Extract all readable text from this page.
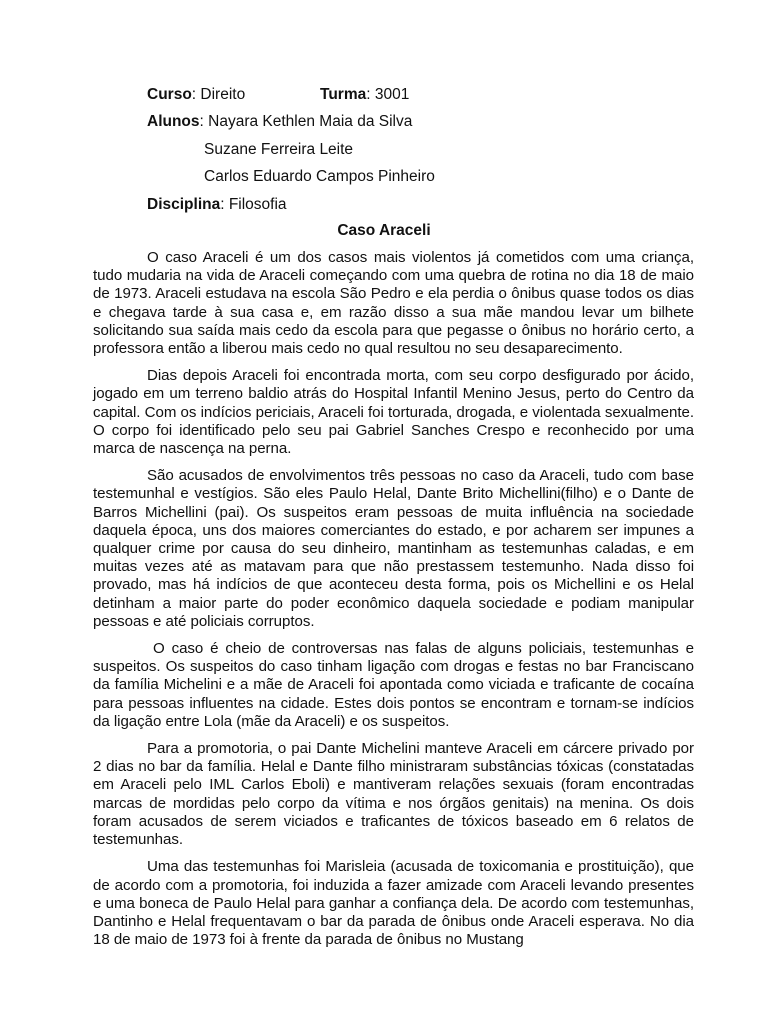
Curso: Direito	Turma: 3001
Alunos: Nayara Kethlen Maia da Silva
Suzane Ferreira Leite
Carlos Eduardo Campos Pinheiro
Disciplina: Filosofia
Caso Araceli

O caso Araceli é um dos casos mais violentos já cometidos com uma criança, tudo mudaria na vida de Araceli começando com uma quebra de rotina no dia 18 de maio de 1973. Araceli estudava na escola São Pedro e ela perdia o ônibus quase todos os dias e chegava tarde à sua casa e, em razão disso a sua mãe mandou levar um bilhete solicitando sua saída mais cedo da escola para que pegasse o ônibus no horário certo, a professora então a liberou mais cedo no qual resultou no seu desaparecimento.

Dias depois Araceli foi encontrada morta, com seu corpo desfigurado por ácido, jogado em um terreno baldio atrás do Hospital Infantil Menino Jesus, perto do Centro da capital. Com os indícios periciais, Araceli foi torturada, drogada, e violentada sexualmente. O corpo foi identificado pelo seu pai Gabriel Sanches Crespo e reconhecido por uma marca de nascença na perna.

São acusados de envolvimentos três pessoas no caso da Araceli, tudo com base testemunhal e vestígios. São eles Paulo Helal, Dante Brito Michellini(filho) e o Dante de Barros Michellini (pai). Os suspeitos eram pessoas de muita influência na sociedade daquela época, uns dos maiores comerciantes do estado, e por acharem ser impunes a qualquer crime por causa do seu dinheiro, mantinham as testemunhas caladas, e em muitas vezes até as matavam para que não prestassem testemunho. Nada disso foi provado, mas há indícios de que aconteceu desta forma, pois os Michellini e os Helal detinham a maior parte do poder econômico daquela sociedade e podiam manipular pessoas e até policiais corruptos.

O caso é cheio de controversas nas falas de alguns policiais, testemunhas e suspeitos. Os suspeitos do caso tinham ligação com drogas e festas no bar Franciscano da família Michelini e a mãe de Araceli foi apontada como viciada e traficante de cocaína para pessoas influentes na cidade. Estes dois pontos se encontram e tornam-se indícios da ligação entre Lola (mãe da Araceli) e os suspeitos.

Para a promotoria, o pai Dante Michelini manteve Araceli em cárcere privado por 2 dias no bar da família. Helal e Dante filho ministraram substâncias tóxicas (constatadas em Araceli pelo IML Carlos Eboli) e mantiveram relações sexuais (foram encontradas marcas de mordidas pelo corpo da vítima e nos órgãos genitais) na menina. Os dois foram acusados de serem viciados e traficantes de tóxicos baseado em 6 relatos de testemunhas.

Uma das testemunhas foi Marisleia (acusada de toxicomania e prostituição), que de acordo com a promotoria, foi induzida a fazer amizade com Araceli levando presentes e uma boneca de Paulo Helal para ganhar a confiança dela. De acordo com testemunhas, Dantinho e Helal frequentavam o bar da parada de ônibus onde Araceli esperava. No dia 18 de maio de 1973 foi à frente da parada de ônibus no Mustang
